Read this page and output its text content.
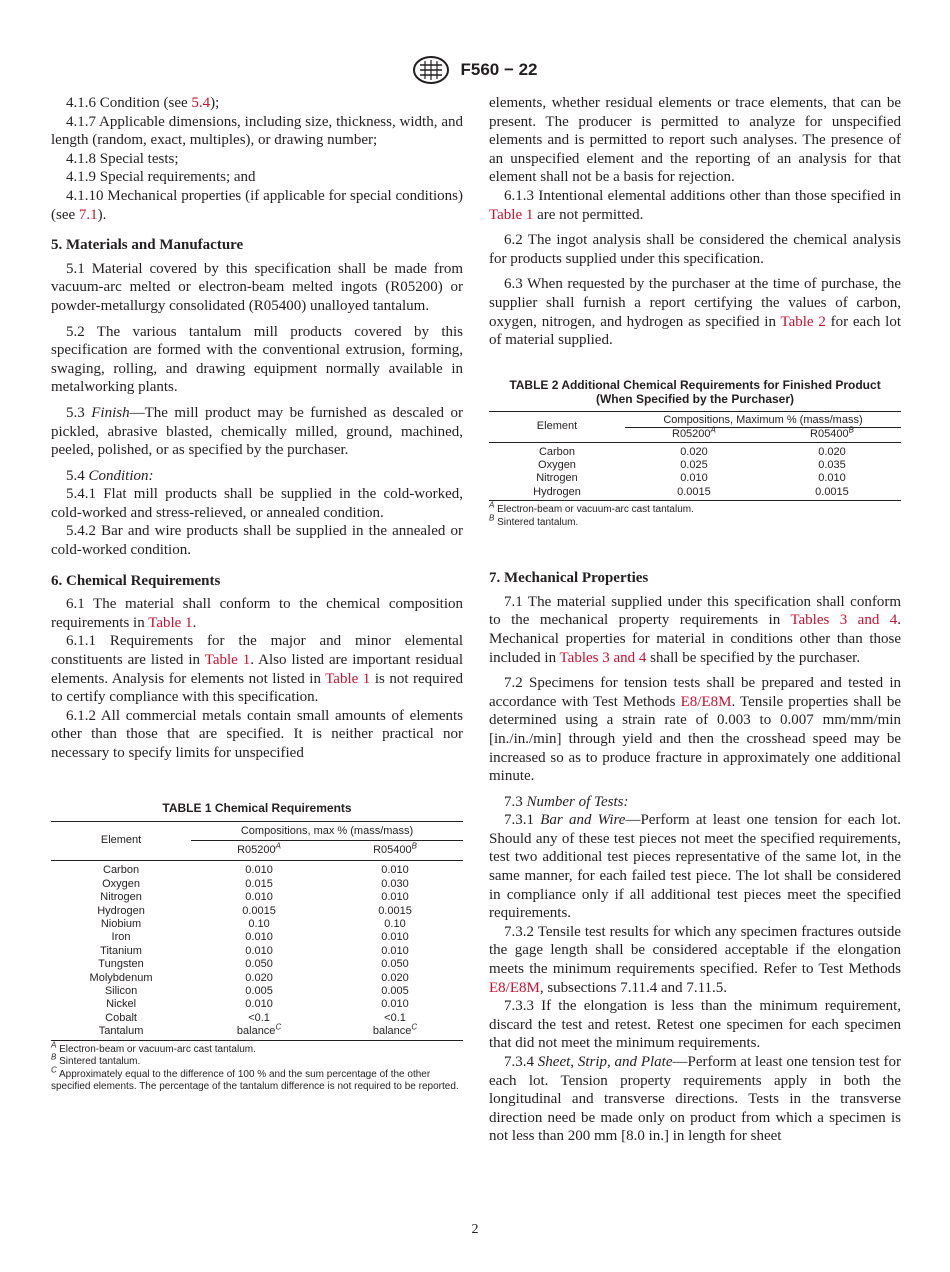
F560 − 22

4.1.6 Condition (see 5.4);

4.1.7 Applicable dimensions, including size, thickness, width, and length (random, exact, multiples), or drawing number;

4.1.8 Special tests;

4.1.9 Special requirements; and

4.1.10 Mechanical properties (if applicable for special conditions) (see 7.1).

5. Materials and Manufacture

5.1 Material covered by this specification shall be made from vacuum-arc melted or electron-beam melted ingots (R05200) or powder-metallurgy consolidated (R05400) unalloyed tantalum.

5.2 The various tantalum mill products covered by this specification are formed with the conventional extrusion, forming, swaging, rolling, and drawing equipment normally available in metalworking plants.

5.3 Finish—The mill product may be furnished as descaled or pickled, abrasive blasted, chemically milled, ground, machined, peeled, polished, or as specified by the purchaser.

5.4 Condition:

5.4.1 Flat mill products shall be supplied in the cold-worked, cold-worked and stress-relieved, or annealed condition.

5.4.2 Bar and wire products shall be supplied in the annealed or cold-worked condition.

6. Chemical Requirements

6.1 The material shall conform to the chemical composition requirements in Table 1.

6.1.1 Requirements for the major and minor elemental constituents are listed in Table 1. Also listed are important residual elements. Analysis for elements not listed in Table 1 is not required to certify compliance with this specification.

6.1.2 All commercial metals contain small amounts of elements other than those that are specified. It is neither practical nor necessary to specify limits for unspecified

TABLE 1 Chemical Requirements
Element	Compositions, max % (mass/mass)	
	$R05200^A$	$R05400^B$
Carbon	0.010	0.010
Oxygen	0.015	0.030
Nitrogen	0.010	0.010
Hydrogen	0.0015	0.0015
Niobium	0.10	0.10
Iron	0.010	0.010
Titanium	0.010	0.010
Tungsten	0.050	0.050
Molybdenum	0.020	0.020
Silicon	0.005	0.005
Nickel	0.010	0.010
Cobalt	<0.1	<0.1
Tantalum	balance$^C$	balance$^C$
$^A$ Electron-beam or vacuum-arc cast tantalum.
$^B$ Sintered tantalum.
$^C$ Approximately equal to the difference of 100 % and the sum percentage of the other specified elements. The percentage of the tantalum difference is not required to be reported.

elements, whether residual elements or trace elements, that can be present. The producer is permitted to analyze for unspecified elements and is permitted to report such analyses. The presence of an unspecified element and the reporting of an analysis for that element shall not be a basis for rejection.

6.1.3 Intentional elemental additions other than those specified in Table 1 are not permitted.

6.2 The ingot analysis shall be considered the chemical analysis for products supplied under this specification.

6.3 When requested by the purchaser at the time of purchase, the supplier shall furnish a report certifying the values of carbon, oxygen, nitrogen, and hydrogen as specified in Table 2 for each lot of material supplied.

TABLE 2 Additional Chemical Requirements for Finished Product
(When Specified by the Purchaser)
Element	Compositions, Maximum % (mass/mass)	
	$R05200^A$	$R05400^B$
Carbon	0.020	0.020
Oxygen	0.025	0.035
Nitrogen	0.010	0.010
Hydrogen	0.0015	0.0015
$^A$ Electron-beam or vacuum-arc cast tantalum.
$^B$ Sintered tantalum.
7. Mechanical Properties

7.1 The material supplied under this specification shall conform to the mechanical property requirements in Tables 3 and 4. Mechanical properties for material in conditions other than those included in Tables 3 and 4 shall be specified by the purchaser.

7.2 Specimens for tension tests shall be prepared and tested in accordance with Test Methods E8/E8M. Tensile properties shall be determined using a strain rate of 0.003 to 0.007 mm/mm/min [in./in./min] through yield and then the crosshead speed may be increased so as to produce fracture in approximately one additional minute.

7.3 Number of Tests:

7.3.1 Bar and Wire—Perform at least one tension for each lot. Should any of these test pieces not meet the specified requirements, test two additional test pieces representative of the same lot, in the same manner, for each failed test piece. The lot shall be considered in compliance only if all additional test pieces meet the specified requirements.

7.3.2 Tensile test results for which any specimen fractures outside the gage length shall be considered acceptable if the elongation meets the minimum requirements specified. Refer to Test Methods E8/E8M, subsections 7.11.4 and 7.11.5.

7.3.3 If the elongation is less than the minimum requirement, discard the test and retest. Retest one specimen for each specimen that did not meet the minimum requirements.

7.3.4 Sheet, Strip, and Plate—Perform at least one tension test for each lot. Tension property requirements apply in both the longitudinal and transverse directions. Tests in the transverse direction need be made only on product from which a specimen is not less than 200 mm [8.0 in.] in length for sheet

2
